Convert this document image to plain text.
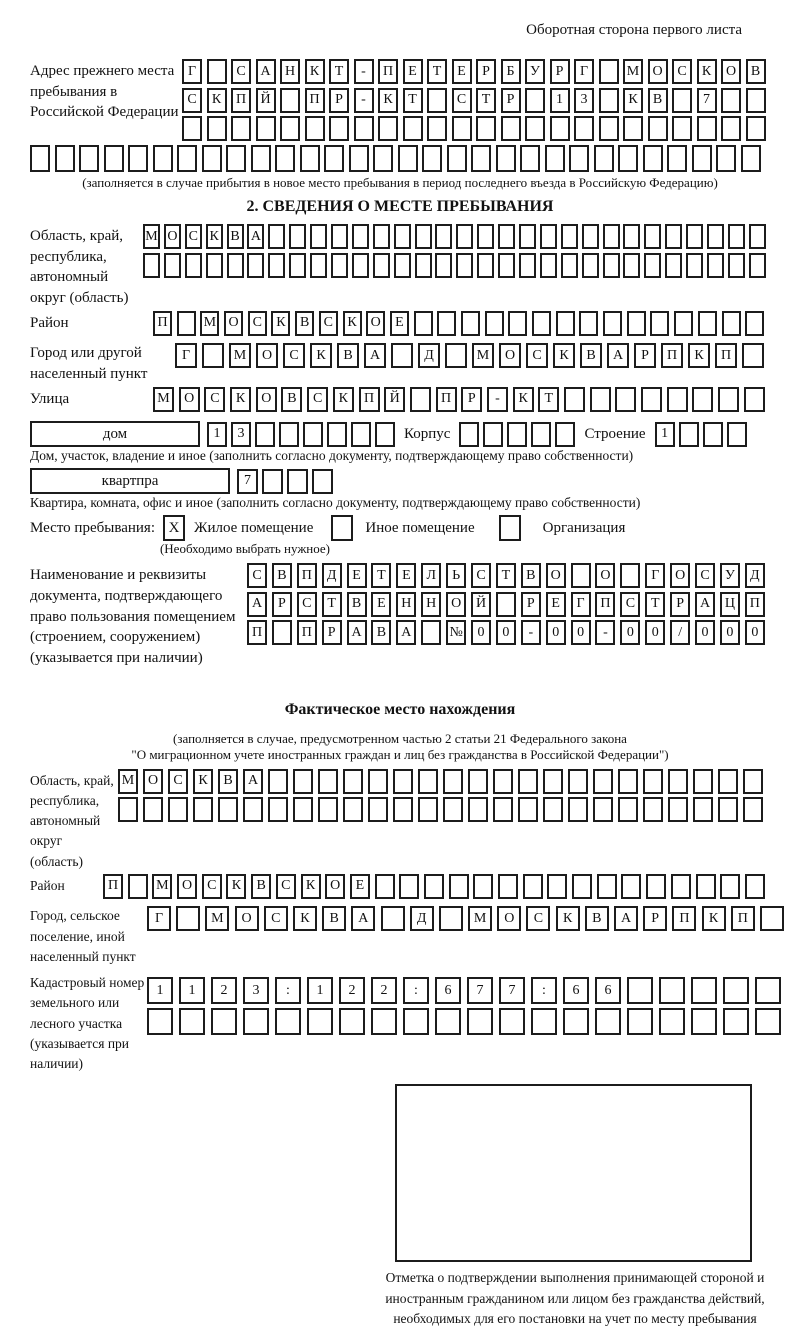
Оборотная сторона первого листа
Адрес прежнего места пребывания в Российской Федерации
Г	С	А	Н	К	Т	-	П	Е	Т	Е	Р	Б	У	Р	Г	М О	С	К	О	В
С	К	П	Й	П	Р	-	К	Т	С	Т	Р	1	3	К	В	7
(заполняется в случае прибытия в новое место пребывания в период последнего въезда в Российскую Федерацию)
2. СВЕДЕНИЯ О МЕСТЕ ПРЕБЫВАНИЯ
Область, край, республика, автономный округ (область)
М О С К В А
Район	П	М О С	К	В	С	К О	Е
Город или другой населенный пункт
Г	М	О	С	К	В	А	Д	М	О	С	К	В	А	Р	П	К	П
Улица	М	О	С	К	О	В	С	К	П	Й	П	Р	-	К	Т
дом	1	3	Корпус	Строение	1
Дом, участок, владение и иное (заполнить согласно документу, подтверждающему право собственности)
квартпра	7
Квартира, комната, офис и иное (заполнить согласно документу, подтверждающему право собственности)
Место пребывания: X Жилое помещение	Иное помещение	Организация
(Необходимо выбрать нужное)
Наименование и реквизиты документа, подтверждающего право пользования помещением (строением, сооружением) (указывается при наличии)
С	В	П	Д	Е	Т	Е	Л	Ь	С	Т	В	О	О	Г	О	С	У	Д
А	Р	С	Т	В	Е	Н	Н	О	Й	Р	Е	Г	П	С	Т	Р	А	Ц	П
П	П	Р	А	В	А	№	0	0	-	0	0	-	0	0	/	0	0	0
Фактическое место нахождения
(заполняется в случае, предусмотренном частью 2 статьи 21 Федерального закона
"О миграционном учете иностранных граждан и лиц без гражданства в Российской Федерации")
Область, край, республика, автономный округ (область)
М О	С	К	В	А
Район	П	М О	С	К	В	С	К	О	Е
Город, сельское поселение, иной населенный пункт
Г	М	О	С	К	В	А	Д	М	О	С	К	В	А	Р	П	К	П
Кадастровый номер земельного или лесного участка (указывается при наличии)
1	1	2	3	:	1	2	2	:	6	7	7	:	6	6
Отметка о подтверждении выполнения принимающей стороной и иностранным гражданином или лицом без гражданства действий, необходимых для его постановки на учет по месту пребывания
